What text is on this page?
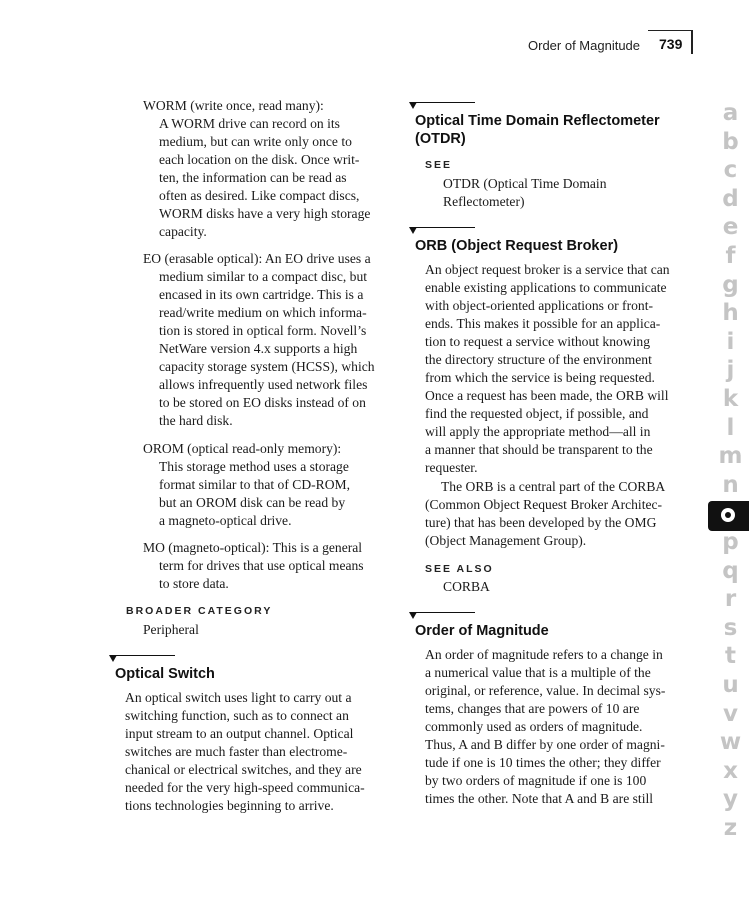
Order of Magnitude 739
WORM (write once, read many):
A WORM drive can record on its
medium, but can write only once to
each location on the disk. Once writ-
ten, the information can be read as
often as desired. Like compact discs,
WORM disks have a very high storage
capacity.
EO (erasable optical): An EO drive uses a
medium similar to a compact disc, but
encased in its own cartridge. This is a
read/write medium on which informa-
tion is stored in optical form. Novell’s
NetWare version 4.x supports a high
capacity storage system (HCSS), which
allows infrequently used network files
to be stored on EO disks instead of on
the hard disk.
OROM (optical read-only memory):
This storage method uses a storage
format similar to that of CD-ROM,
but an OROM disk can be read by
a magneto-optical drive.
MO (magneto-optical): This is a general
term for drives that use optical means
to store data.
BROADER CATEGORY
Peripheral
Optical Switch
An optical switch uses light to carry out a
switching function, such as to connect an
input stream to an output channel. Optical
switches are much faster than electrome-
chanical or electrical switches, and they are
needed for the very high-speed communica-
tions technologies beginning to arrive.
Optical Time Domain Reflectometer
(OTDR)
SEE
OTDR (Optical Time Domain
Reflectometer)
ORB (Object Request Broker)
An object request broker is a service that can
enable existing applications to communicate
with object-oriented applications or front-
ends. This makes it possible for an applica-
tion to request a service without knowing
the directory structure of the environment
from which the service is being requested.
Once a request has been made, the ORB will
find the requested object, if possible, and
will apply the appropriate method—all in
a manner that should be transparent to the
requester.
The ORB is a central part of the CORBA
(Common Object Request Broker Architec-
ture) that has been developed by the OMG
(Object Management Group).
SEE ALSO
CORBA
Order of Magnitude
An order of magnitude refers to a change in
a numerical value that is a multiple of the
original, or reference, value. In decimal sys-
tems, changes that are powers of 10 are
commonly used as orders of magnitude.
Thus, A and B differ by one order of magni-
tude if one is 10 times the other; they differ
by two orders of magnitude if one is 100
times the other. Note that A and B are still
a
b
c
d
e
f
g
h
i
j
k
l
m
n
p
q
r
s
t
u
v
w
x
y
z
